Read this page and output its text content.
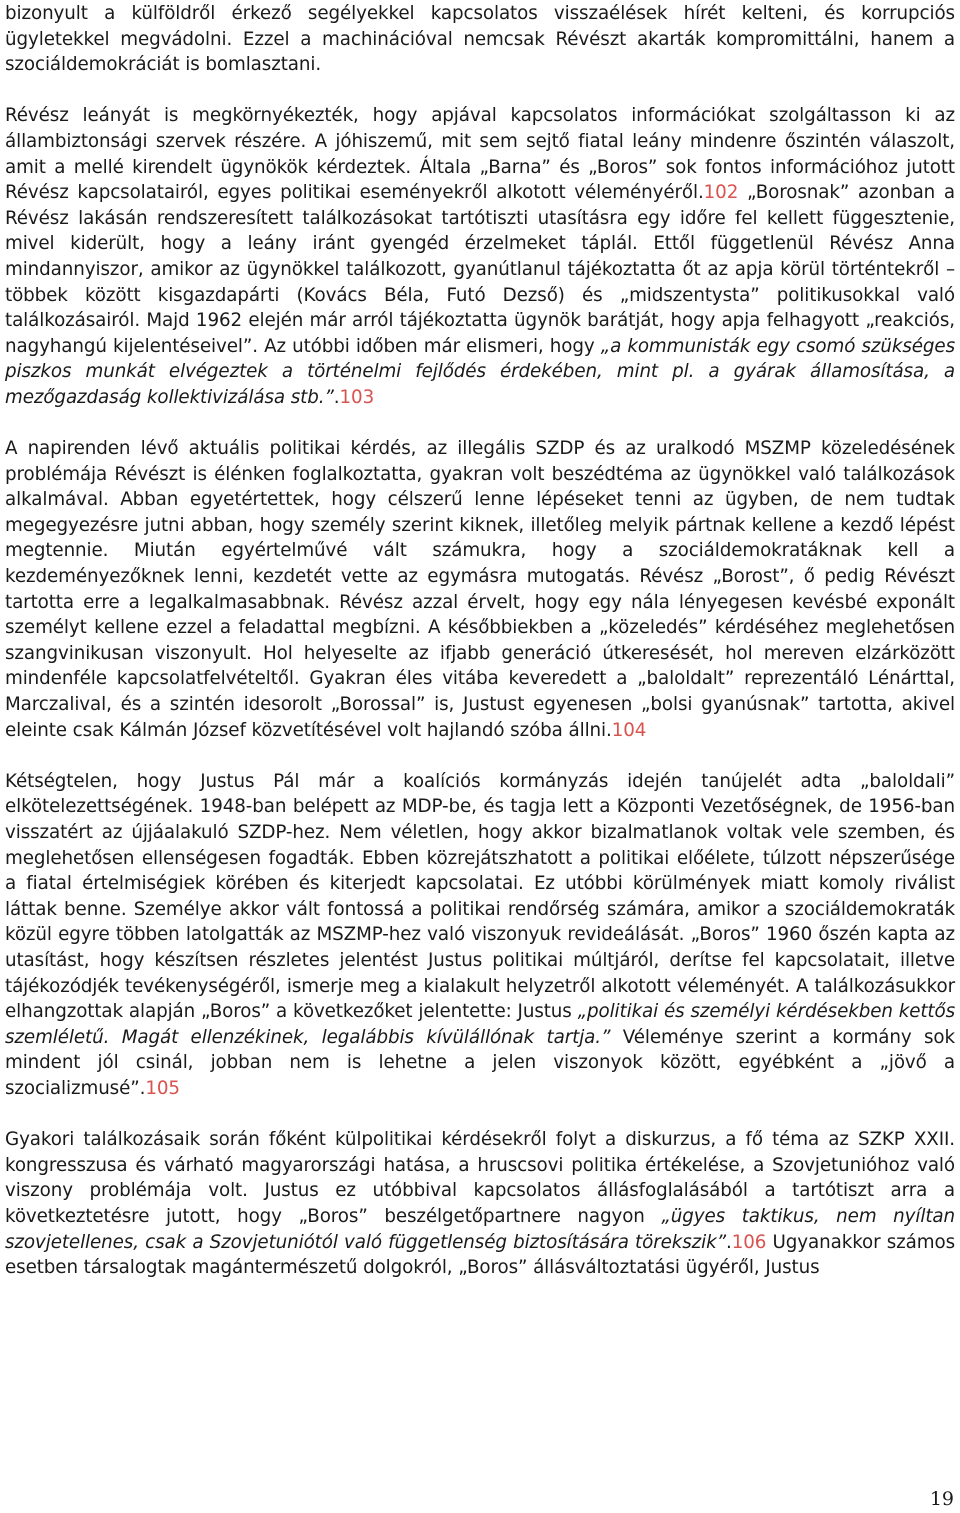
bizonyult a külföldről érkező segélyekkel kapcsolatos visszaélések hírét kelteni, és korrupciós ügyletekkel megvádolni. Ezzel a machinációval nemcsak Révészt akarták kompromittálni, hanem a szociáldemokráciát is bomlasztani.

Révész leányát is megkörnyékezték, hogy apjával kapcsolatos információkat szolgáltasson ki az állambiztonsági szervek részére. A jóhiszemű, mit sem sejtő fiatal leány mindenre őszintén válaszolt, amit a mellé kirendelt ügynökök kérdeztek. Általa „Barna” és „Boros” sok fontos információhoz jutott Révész kapcsolatairól, egyes politikai eseményekről alkotott véleményéről.102 „Borosnak” azonban a Révész lakásán rendszeresített találkozásokat tartótiszti utasításra egy időre fel kellett függesztenie, mivel kiderült, hogy a leány iránt gyengéd érzelmeket táplál. Ettől függetlenül Révész Anna mindannyiszor, amikor az ügynökkel találkozott, gyanútlanul tájékoztatta őt az apja körül történtekről – többek között kisgazdapárti (Kovács Béla, Futó Dezső) és „midszentysta” politikusokkal való találkozásairól. Majd 1962 elején már arról tájékoztatta ügynök barátját, hogy apja felhagyott „reakciós, nagyhangú kijelentéseivel”. Az utóbbi időben már elismeri, hogy „a kommunisták egy csomó szükséges piszkos munkát elvégeztek a történelmi fejlődés érdekében, mint pl. a gyárak államosítása, a mezőgazdaság kollektivizálása stb.”.103

A napirenden lévő aktuális politikai kérdés, az illegális SZDP és az uralkodó MSZMP közeledésének problémája Révészt is élénken foglalkoztatta, gyakran volt beszédtéma az ügynökkel való találkozások alkalmával. Abban egyetértettek, hogy célszerű lenne lépéseket tenni az ügyben, de nem tudtak megegyezésre jutni abban, hogy személy szerint kiknek, illetőleg melyik pártnak kellene a kezdő lépést megtennie. Miután egyértelművé vált számukra, hogy a szociáldemokratáknak kell a kezdeményezőknek lenni, kezdetét vette az egymásra mutogatás. Révész „Borost”, ő pedig Révészt tartotta erre a legalkalmasabbnak. Révész azzal érvelt, hogy egy nála lényegesen kevésbé exponált személyt kellene ezzel a feladattal megbízni. A későbbiekben a „közeledés” kérdéséhez meglehetősen szangvinikusan viszonyult. Hol helyeselte az ifjabb generáció útkeresését, hol mereven elzárközött mindenféle kapcsolatfelvételtől. Gyakran éles vitába keveredett a „baloldalt” reprezentáló Lénárttal, Marczalival, és a szintén idesorolt „Borossal” is, Justust egyenesen „bolsi gyanúsnak” tartotta, akivel eleinte csak Kálmán József közvetítésével volt hajlandó szóba állni.104

Kétségtelen, hogy Justus Pál már a koalíciós kormányzás idején tanújelét adta „baloldali” elkötelezettségének. 1948-ban belépett az MDP-be, és tagja lett a Központi Vezetőségnek, de 1956-ban visszatért az újjáalakuló SZDP-hez. Nem véletlen, hogy akkor bizalmatlanok voltak vele szemben, és meglehetősen ellenségesen fogadták. Ebben közrejátszhatott a politikai előélete, túlzott népszerűsége a fiatal értelmiségiek körében és kiterjedt kapcsolatai. Ez utóbbi körülmények miatt komoly riválist láttak benne. Személye akkor vált fontossá a politikai rendőrség számára, amikor a szociáldemokraták közül egyre többen latolgatták az MSZMP-hez való viszonyuk revideálását. „Boros” 1960 őszén kapta az utasítást, hogy készítsen részletes jelentést Justus politikai múltjáról, derítse fel kapcsolatait, illetve tájékozódjék tevékenységéről, ismerje meg a kialakult helyzetről alkotott véleményét. A találkozásukkor elhangzottak alapján „Boros” a következőket jelentette: Justus „politikai és személyi kérdésekben kettős szemléletű. Magát ellenzékinek, legalábbis kívülállónak tartja.” Véleménye szerint a kormány sok mindent jól csinál, jobban nem is lehetne a jelen viszonyok között, egyébként a „jövő a szocializmusé”.105

Gyakori találkozásaik során főként külpolitikai kérdésekről folyt a diskurzus, a fő téma az SZKP XXII. kongresszusa és várható magyarországi hatása, a hruscsovi politika értékelése, a Szovjetunióhoz való viszony problémája volt. Justus ez utóbbival kapcsolatos állásfoglalásából a tartótiszt arra a következtetésre jutott, hogy „Boros” beszélgetőpartnere nagyon „ügyes taktikus, nem nyíltan szovjetellenes, csak a Szovjetuniótól való függetlenség biztosítására törekszik”.106 Ugyanakkor számos esetben társalogtak magántermészetű dolgokról, „Boros” állásváltoztatási ügyéről, Justus

19
